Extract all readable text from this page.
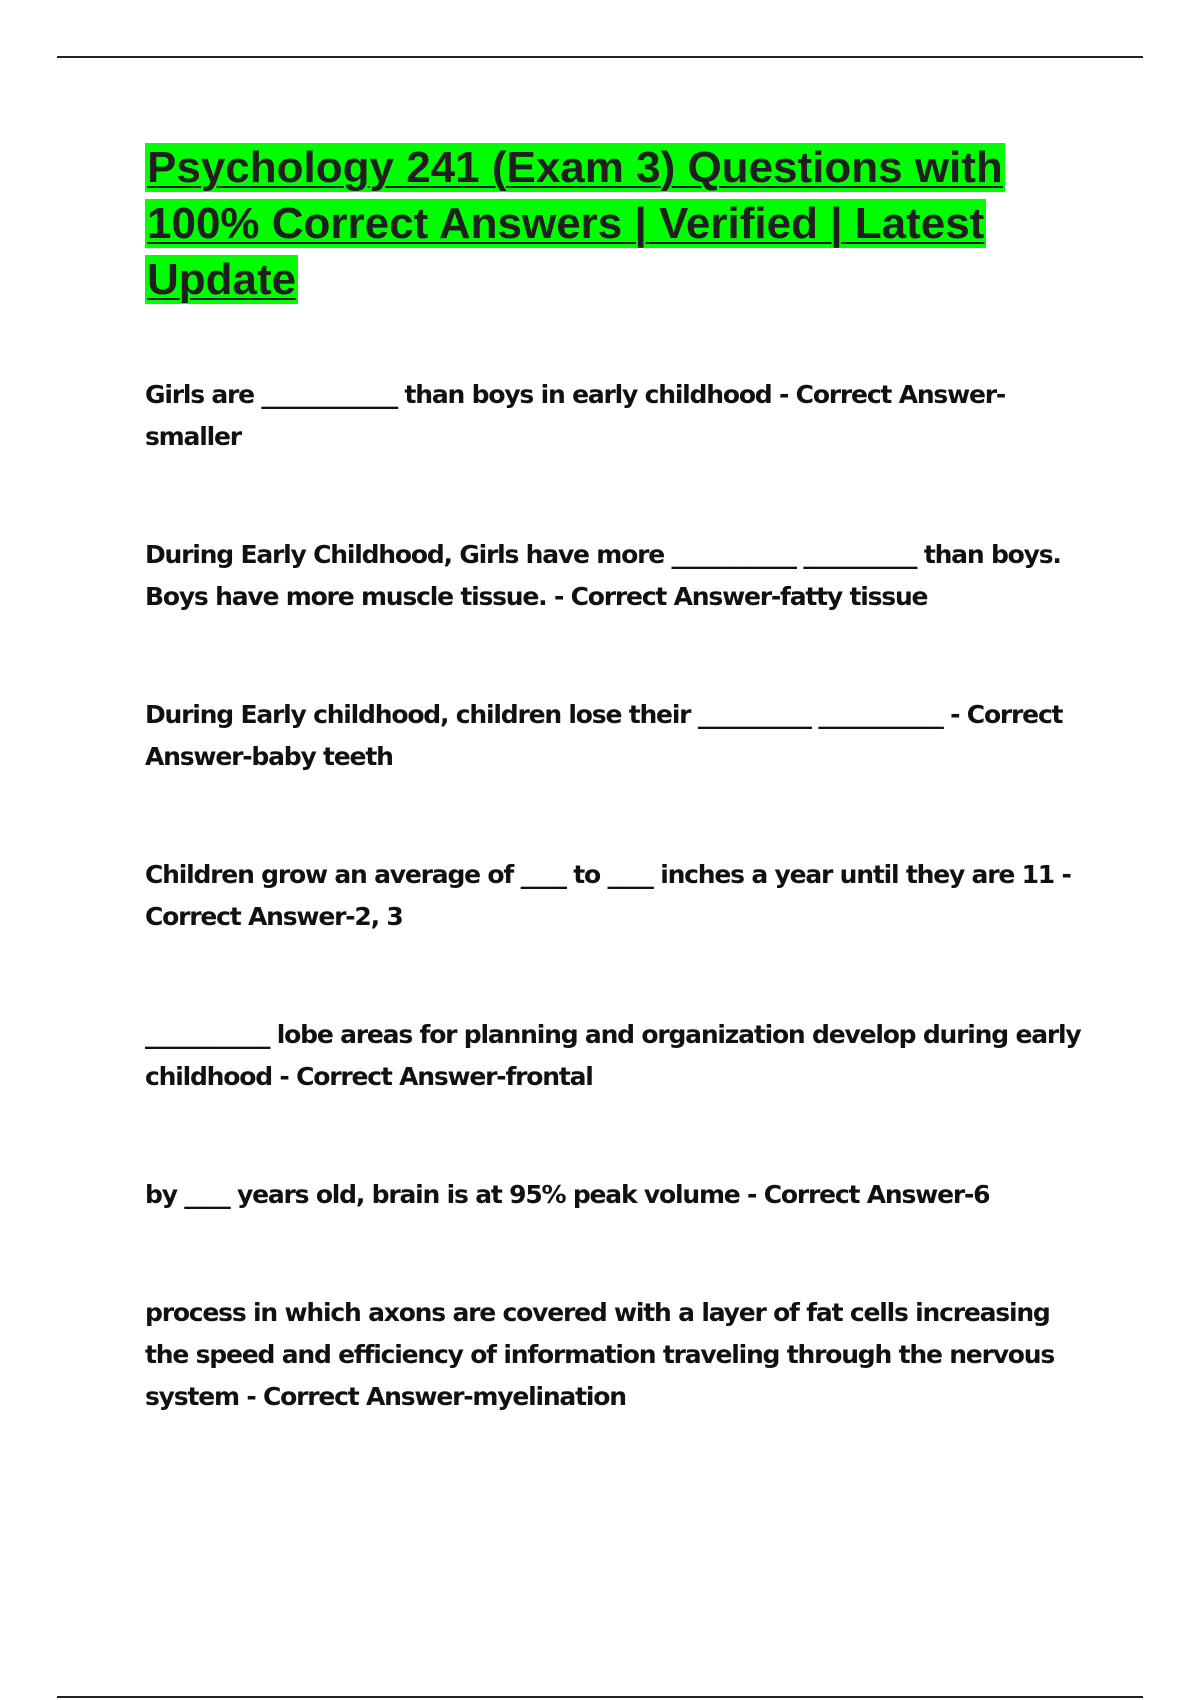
Psychology 241 (Exam 3) Questions with 100% Correct Answers | Verified | Latest Update
Girls are ____________ than boys in early childhood - Correct Answer-smaller
During Early Childhood, Girls have more ___________ __________ than boys. Boys have more muscle tissue. - Correct Answer-fatty tissue
During Early childhood, children lose their __________ ___________ - Correct Answer-baby teeth
Children grow an average of ____ to ____ inches a year until they are 11 - Correct Answer-2, 3
___________ lobe areas for planning and organization develop during early childhood - Correct Answer-frontal
by ____ years old, brain is at 95% peak volume - Correct Answer-6
process in which axons are covered with a layer of fat cells increasing the speed and efficiency of information traveling through the nervous system - Correct Answer-myelination
